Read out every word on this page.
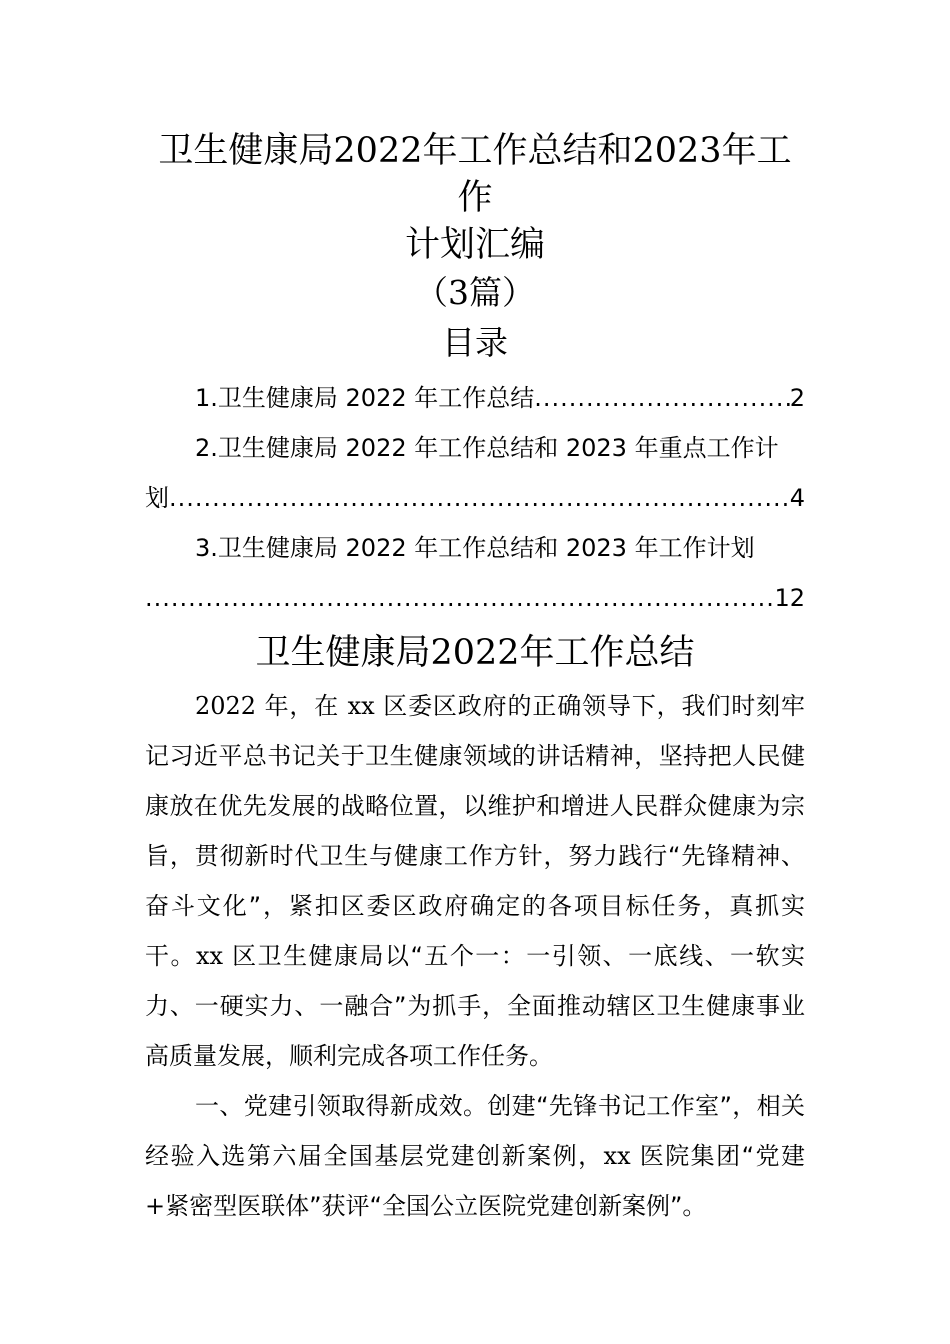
卫生健康局2022年工作总结和2023年工作
计划汇编

（3篇）

目录

1.卫生健康局 2022 年工作总结 .....	2
2.卫生健康局 2022 年工作总结和 2023 年重点工作计
划 .....	4
3.卫生健康局 2022 年工作总结和 2023 年工作计划
.....
12
卫生健康局2022年工作总结

2022 年，在 xx 区委区政府的正确领导下，我们时刻牢记习近平总书记关于卫生健康领域的讲话精神，坚持把人民健康放在优先发展的战略位置，以维护和增进人民群众健康为宗旨，贯彻新时代卫生与健康工作方针，努力践行“先锋精神、奋斗文化”，紧扣区委区政府确定的各项目标任务，真抓实干。xx 区卫生健康局以“五个一：一引领、一底线、一软实力、一硬实力、一融合”为抓手，全面推动辖区卫生健康事业高质量发展，顺利完成各项工作任务。

一、党建引领取得新成效。创建“先锋书记工作室”，相关经验入选第六届全国基层党建创新案例，xx 医院集团“党建+紧密型医联体”获评“全国公立医院党建创新案例”。
